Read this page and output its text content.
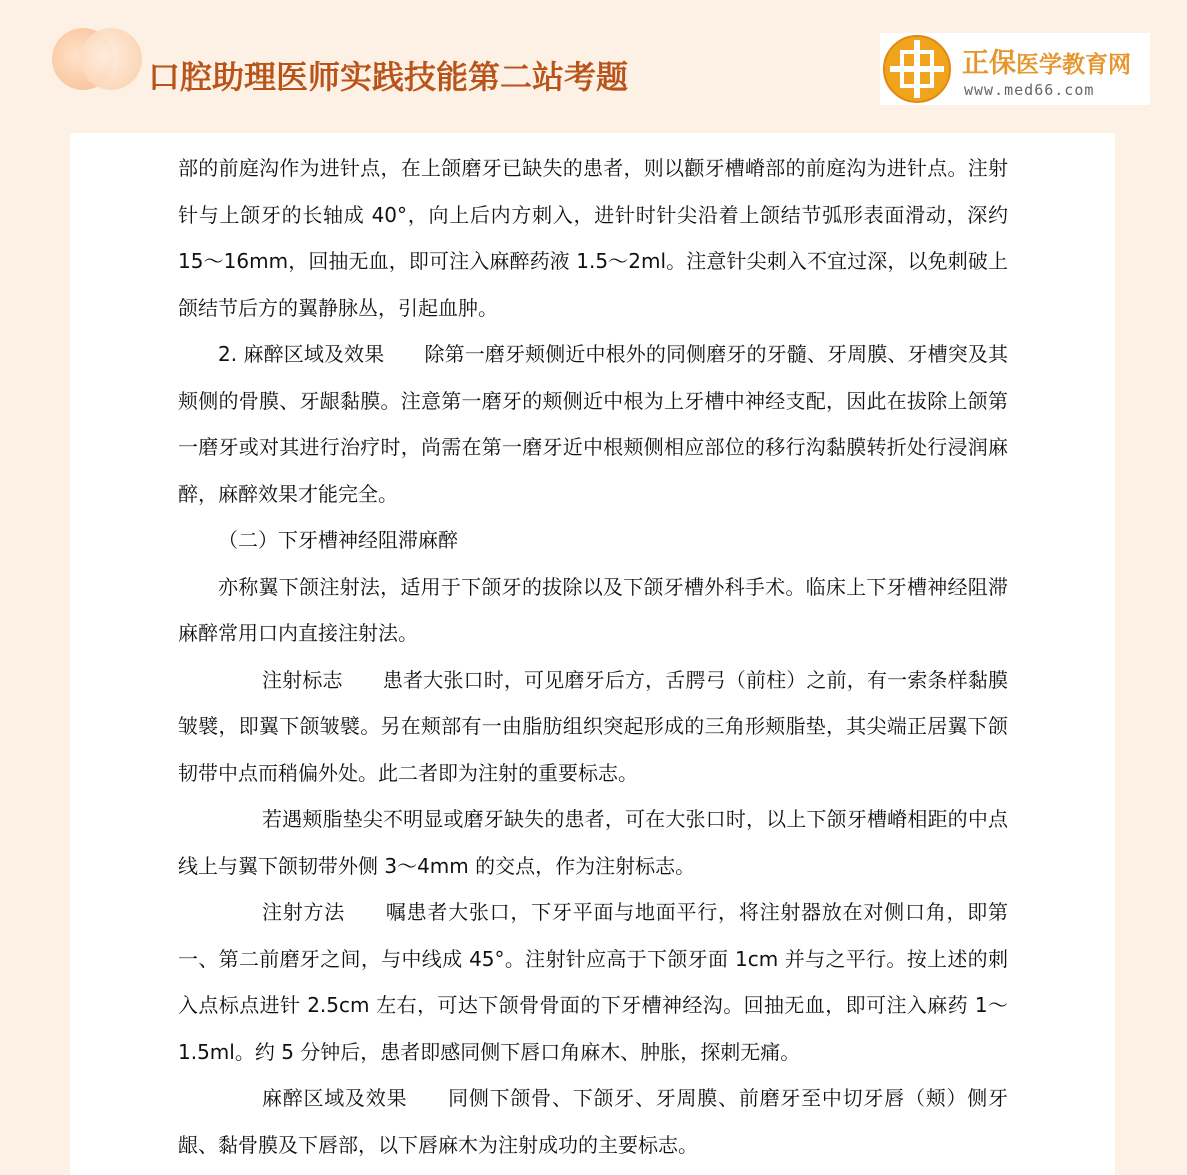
口腔助理医师实践技能第二站考题	正保医学教育网
www.med66.com

部的前庭沟作为进针点，在上颌磨牙已缺失的患者，则以颧牙槽嵴部的前庭沟为进针点。注射针与上颌牙的长轴成 40°，向上后内方刺入，进针时针尖沿着上颌结节弧形表面滑动，深约 15～16mm，回抽无血，即可注入麻醉药液 1.5～2ml。注意针尖刺入不宜过深，以免刺破上颌结节后方的翼静脉丛，引起血肿。

2. 麻醉区域及效果 除第一磨牙颊侧近中根外的同侧磨牙的牙髓、牙周膜、牙槽突及其颊侧的骨膜、牙龈黏膜。注意第一磨牙的颊侧近中根为上牙槽中神经支配，因此在拔除上颌第一磨牙或对其进行治疗时，尚需在第一磨牙近中根颊侧相应部位的移行沟黏膜转折处行浸润麻醉，麻醉效果才能完全。

（二）下牙槽神经阻滞麻醉

亦称翼下颌注射法，适用于下颌牙的拔除以及下颌牙槽外科手术。临床上下牙槽神经阻滞麻醉常用口内直接注射法。

注射标志 患者大张口时，可见磨牙后方，舌腭弓（前柱）之前，有一索条样黏膜皱襞，即翼下颌皱襞。另在颊部有一由脂肪组织突起形成的三角形颊脂垫，其尖端正居翼下颌韧带中点而稍偏外处。此二者即为注射的重要标志。

若遇颊脂垫尖不明显或磨牙缺失的患者，可在大张口时，以上下颌牙槽嵴相距的中点线上与翼下颌韧带外侧 3～4mm 的交点，作为注射标志。

注射方法 嘱患者大张口，下牙平面与地面平行，将注射器放在对侧口角，即第一、第二前磨牙之间，与中线成 45°。注射针应高于下颌牙面 1cm 并与之平行。按上述的刺入点标点进针 2.5cm 左右，可达下颌骨骨面的下牙槽神经沟。回抽无血，即可注入麻药 1～1.5ml。约 5 分钟后，患者即感同侧下唇口角麻木、肿胀，探刺无痛。

麻醉区域及效果 同侧下颌骨、下颌牙、牙周膜、前磨牙至中切牙唇（颊）侧牙龈、黏骨膜及下唇部，以下唇麻木为注射成功的主要标志。
